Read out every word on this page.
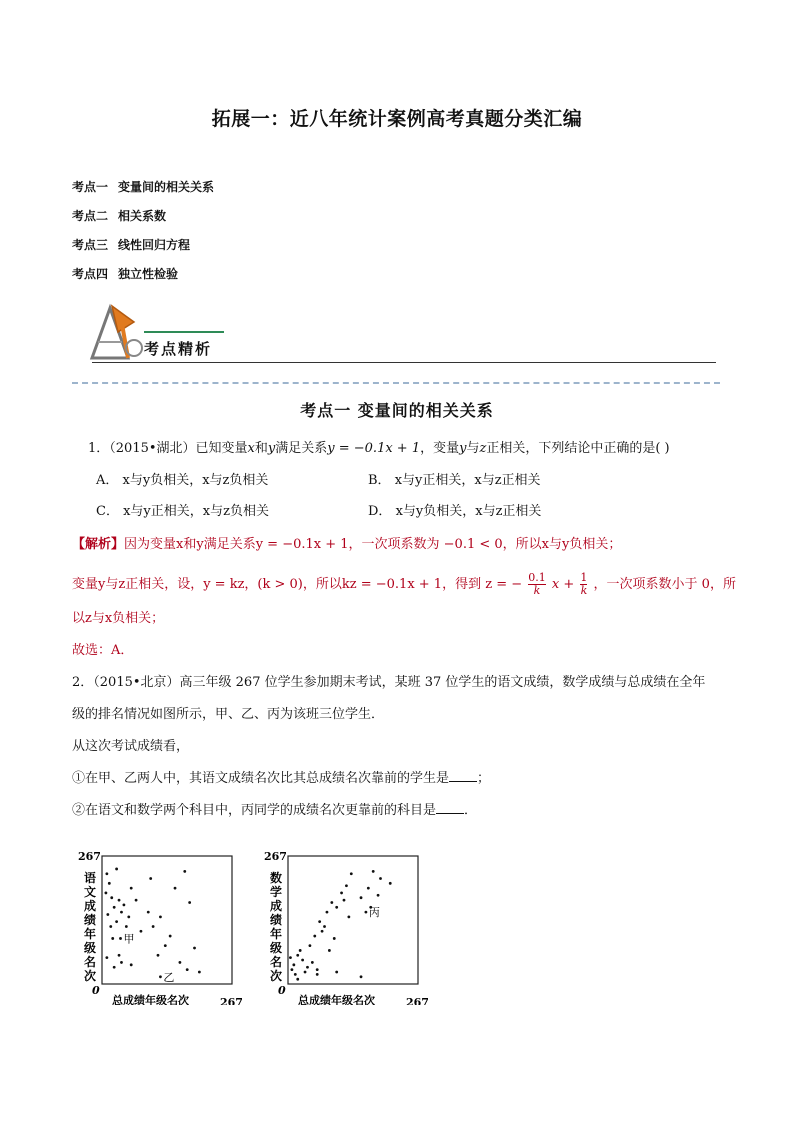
拓展一：近八年统计案例高考真题分类汇编
考点一 变量间的相关关系
考点二 相关系数
考点三 线性回归方程
考点四 独立性检验
考点精析
考点一 变量间的相关关系
1．（2015•湖北）已知变量x和y满足关系y = −0.1x + 1，变量y与z正相关，下列结论中正确的是( )
A． x与y负相关，x与z负相关	B． x与y正相关，x与z正相关
C． x与y正相关，x与z负相关	D． x与y负相关，x与z正相关
【解析】因为变量x和y满足关系y = −0.1x + 1，一次项系数为 −0.1 < 0，所以x与y负相关；
变量y与z正相关，设，y = kz，(k > 0)，所以kz = −0.1x + 1，得到 z = − $\frac{0.1}{k}$ $x + \frac{1}{k}$ ，一次项系数小于 0，所
以z与x负相关；
故选：A．
2．（2015•北京）高三年级 267 位学生参加期末考试，某班 37 位学生的语文成绩，数学成绩与总成绩在全年
级的排名情况如图所示，甲、乙、丙为该班三位学生．
从这次考试成绩看，
①在甲、乙两人中，其语文成绩名次比其总成绩名次靠前的学生是 ；
②在语文和数学两个科目中，丙同学的成绩名次更靠前的科目是 ．
甲
乙
267
0
267
总成绩年级名次
语
文
成
绩
年
级
名
次
丙
267
0
267
总成绩年级名次
数
学
成
绩
年
级
名
次
